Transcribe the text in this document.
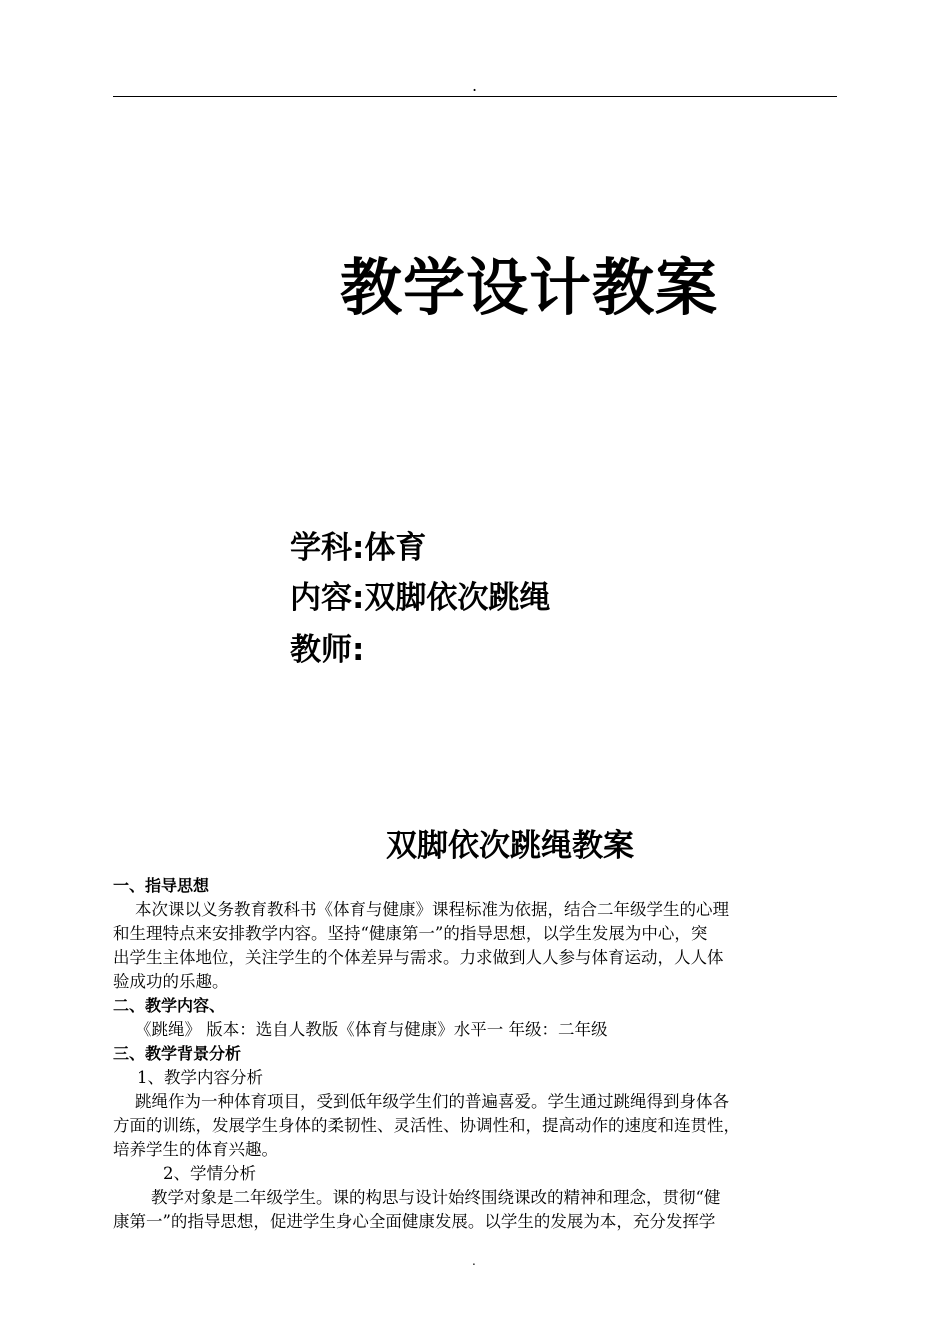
.
教学设计教案
学科:体育
内容:双脚依次跳绳
教师:
双脚依次跳绳教案
一、指导思想
本次课以义务教育教科书《体育与健康》课程标准为依据，结合二年级学生的心理
和生理特点来安排教学内容。坚持“健康第一”的指导思想，以学生发展为中心，突
出学生主体地位，关注学生的个体差异与需求。力求做到人人参与体育运动，人人体
验成功的乐趣。
二、教学内容、
《跳绳》 版本：选自人教版《体育与健康》水平一 年级：二年级
三、教学背景分析
1、教学内容分析
跳绳作为一种体育项目，受到低年级学生们的普遍喜爱。学生通过跳绳得到身体各
方面的训练，发展学生身体的柔韧性、灵活性、协调性和，提高动作的速度和连贯性，
培养学生的体育兴趣。
2、学情分析
教学对象是二年级学生。课的构思与设计始终围绕课改的精神和理念，贯彻“健
康第一”的指导思想，促进学生身心全面健康发展。以学生的发展为本，充分发挥学
.
